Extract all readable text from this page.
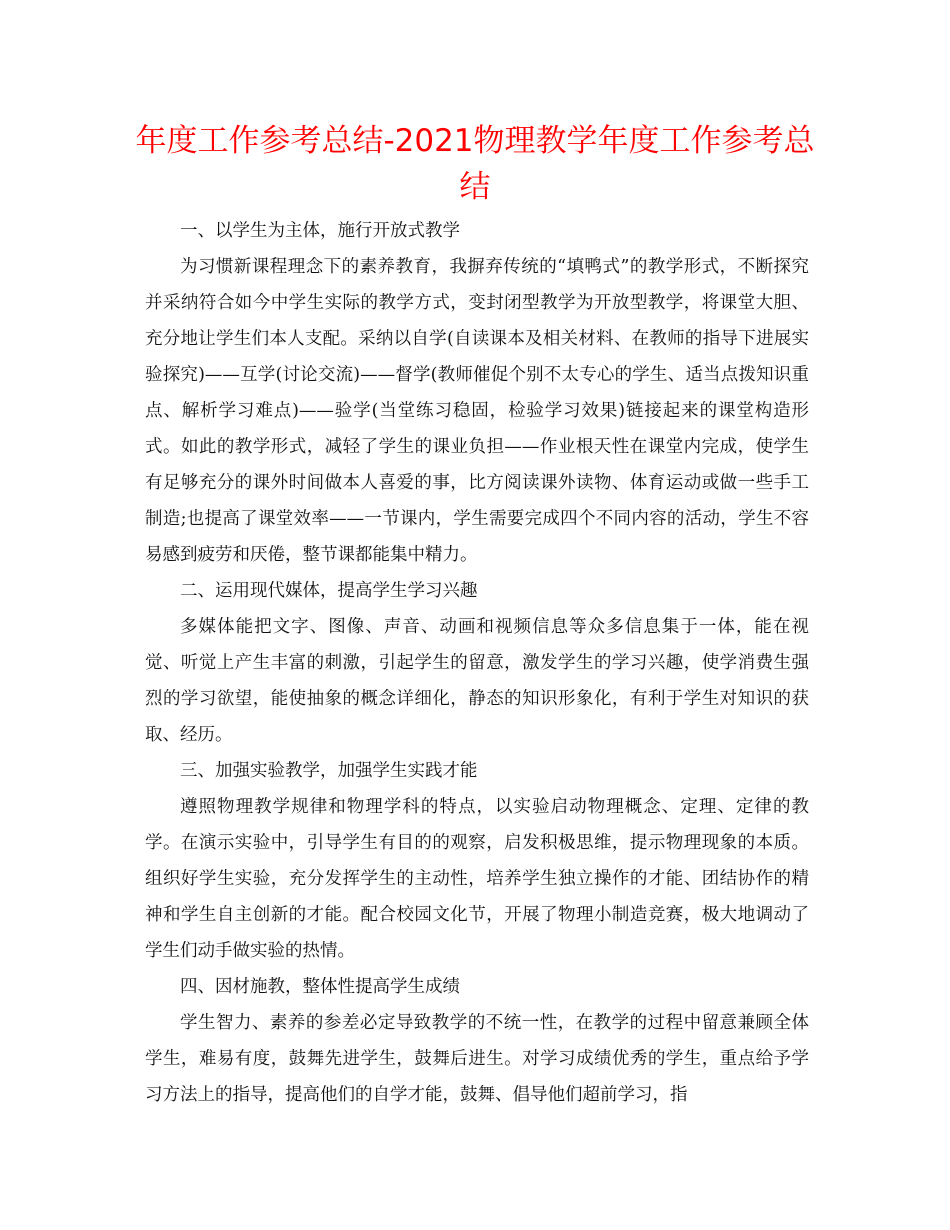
年度工作参考总结-2021物理教学年度工作参考总结

一、以学生为主体，施行开放式教学

为习惯新课程理念下的素养教育，我摒弃传统的“填鸭式”的教学形式，不断探究并采纳符合如今中学生实际的教学方式，变封闭型教学为开放型教学，将课堂大胆、充分地让学生们本人支配。采纳以自学(自读课本及相关材料、在教师的指导下进展实验探究)——互学(讨论交流)——督学(教师催促个别不太专心的学生、适当点拨知识重点、解析学习难点)——验学(当堂练习稳固，检验学习效果)链接起来的课堂构造形式。如此的教学形式，减轻了学生的课业负担——作业根天性在课堂内完成，使学生有足够充分的课外时间做本人喜爱的事，比方阅读课外读物、体育运动或做一些手工制造;也提高了课堂效率——一节课内，学生需要完成四个不同内容的活动，学生不容易感到疲劳和厌倦，整节课都能集中精力。

二、运用现代媒体，提高学生学习兴趣

多媒体能把文字、图像、声音、动画和视频信息等众多信息集于一体，能在视觉、听觉上产生丰富的刺激，引起学生的留意，激发学生的学习兴趣，使学消费生强烈的学习欲望，能使抽象的概念详细化，静态的知识形象化，有利于学生对知识的获取、经历。

三、加强实验教学，加强学生实践才能

遵照物理教学规律和物理学科的特点，以实验启动物理概念、定理、定律的教学。在演示实验中，引导学生有目的的观察，启发积极思维，提示物理现象的本质。组织好学生实验，充分发挥学生的主动性，培养学生独立操作的才能、团结协作的精神和学生自主创新的才能。配合校园文化节，开展了物理小制造竞赛，极大地调动了学生们动手做实验的热情。

四、因材施教，整体性提高学生成绩

学生智力、素养的参差必定导致教学的不统一性，在教学的过程中留意兼顾全体学生，难易有度，鼓舞先进学生，鼓舞后进生。对学习成绩优秀的学生，重点给予学习方法上的指导，提高他们的自学才能，鼓舞、倡导他们超前学习，指
